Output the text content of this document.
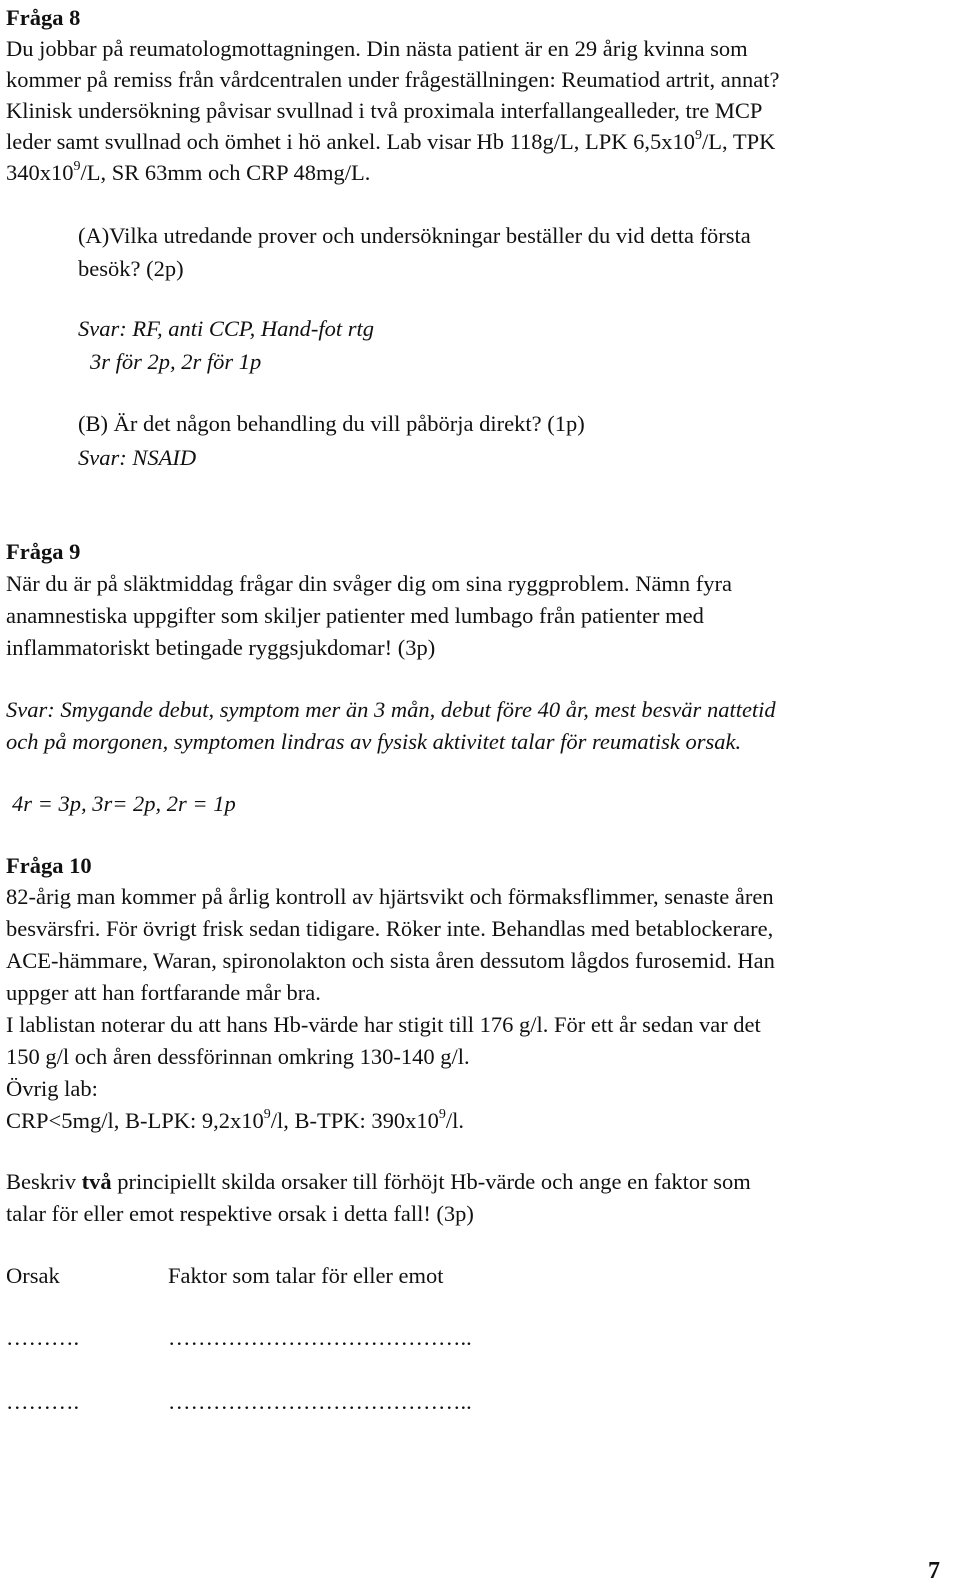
Fråga 8
Du jobbar på reumatologmottagningen. Din nästa patient är en 29 årig kvinna som
kommer på remiss från vårdcentralen under frågeställningen: Reumatiod artrit, annat?
Klinisk undersökning påvisar svullnad i två proximala interfallangealleder, tre MCP
leder samt svullnad och ömhet i hö ankel. Lab visar Hb 118g/L, LPK $6,5x10^9/L$, TPK
$340x10^9/L$, SR 63mm och CRP 48mg/L.
(A)Vilka utredande prover och undersökningar beställer du vid detta första
besök? (2p)
Svar: RF, anti CCP, Hand-fot rtg
3r för 2p, 2r för 1p
(B) Är det någon behandling du vill påbörja direkt? (1p)
Svar: NSAID
Fråga 9
När du är på släktmiddag frågar din svåger dig om sina ryggproblem. Nämn fyra
anamnestiska uppgifter som skiljer patienter med lumbago från patienter med
inflammatoriskt betingade ryggsjukdomar! (3p)
Svar: Smygande debut, symptom mer än 3 mån, debut före 40 år, mest besvär nattetid
och på morgonen, symptomen lindras av fysisk aktivitet talar för reumatisk orsak.
4r = 3p, 3r= 2p, 2r = 1p
Fråga 10
82-årig man kommer på årlig kontroll av hjärtsvikt och förmaksflimmer, senaste åren
besvärsfri. För övrigt frisk sedan tidigare. Röker inte. Behandlas med betablockerare,
ACE-hämmare, Waran, spironolakton och sista åren dessutom lågdos furosemid. Han
uppger att han fortfarande mår bra.
I lablistan noterar du att hans Hb-värde har stigit till 176 g/l. För ett år sedan var det
150 g/l och åren dessförinnan omkring 130-140 g/l.
Övrig lab:
CRP<5mg/l, B-LPK: $9,2x10^9/l$, B-TPK: $390x10^9/l$.
Beskriv två principiellt skilda orsaker till förhöjt Hb-värde och ange en faktor som
talar för eller emot respektive orsak i detta fall! (3p)
Orsak	Faktor som talar för eller emot
……….	…………………………………..
……….	…………………………………..
7
